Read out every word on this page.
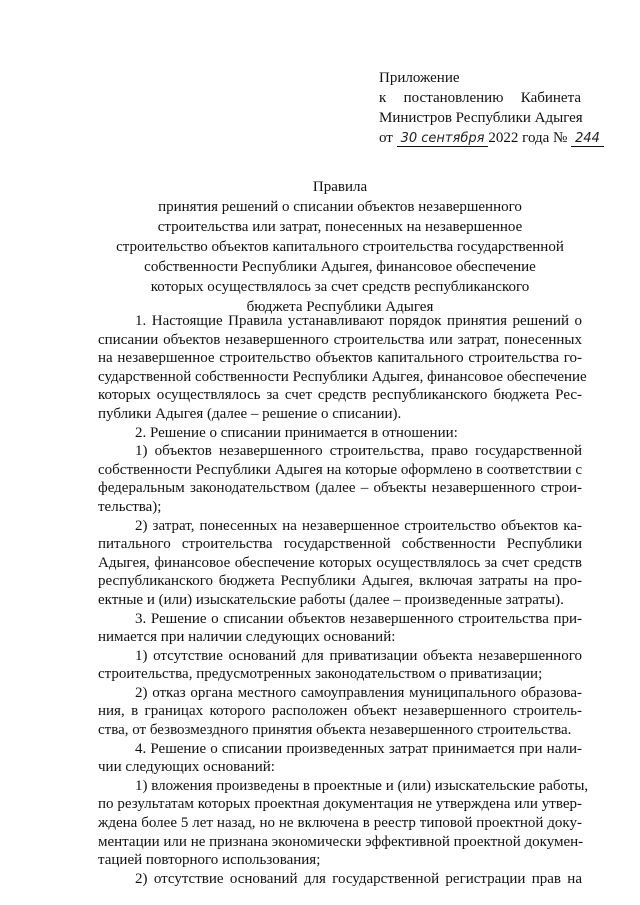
Приложение
к постановлению Кабинета
Министров Республики Адыгея
от 30 сентября 2022 года № 244
Правила
принятия решений о списании объектов незавершенного
строительства или затрат, понесенных на незавершенное
строительство объектов капитального строительства государственной
собственности Республики Адыгея, финансовое обеспечение
которых осуществлялось за счет средств республиканского
бюджета Республики Адыгея
1. Настоящие Правила устанавливают порядок принятия решений о
списании объектов незавершенного строительства или затрат, понесенных
на незавершенное строительство объектов капитального строительства го-
сударственной собственности Республики Адыгея, финансовое обеспечение
которых осуществлялось за счет средств республиканского бюджета Рес-
публики Адыгея (далее – решение о списании).
2. Решение о списании принимается в отношении:
1) объектов незавершенного строительства, право государственной
собственности Республики Адыгея на которые оформлено в соответствии с
федеральным законодательством (далее – объекты незавершенного строи-
тельства);
2) затрат, понесенных на незавершенное строительство объектов ка-
питального строительства государственной собственности Республики
Адыгея, финансовое обеспечение которых осуществлялось за счет средств
республиканского бюджета Республики Адыгея, включая затраты на про-
ектные и (или) изыскательские работы (далее – произведенные затраты).
3. Решение о списании объектов незавершенного строительства при-
нимается при наличии следующих оснований:
1) отсутствие оснований для приватизации объекта незавершенного
строительства, предусмотренных законодательством о приватизации;
2) отказ органа местного самоуправления муниципального образова-
ния, в границах которого расположен объект незавершенного строитель-
ства, от безвозмездного принятия объекта незавершенного строительства.
4. Решение о списании произведенных затрат принимается при нали-
чии следующих оснований:
1) вложения произведены в проектные и (или) изыскательские работы,
по результатам которых проектная документация не утверждена или утвер-
ждена более 5 лет назад, но не включена в реестр типовой проектной доку-
ментации или не признана экономически эффективной проектной докумен-
тацией повторного использования;
2) отсутствие оснований для государственной регистрации прав на
